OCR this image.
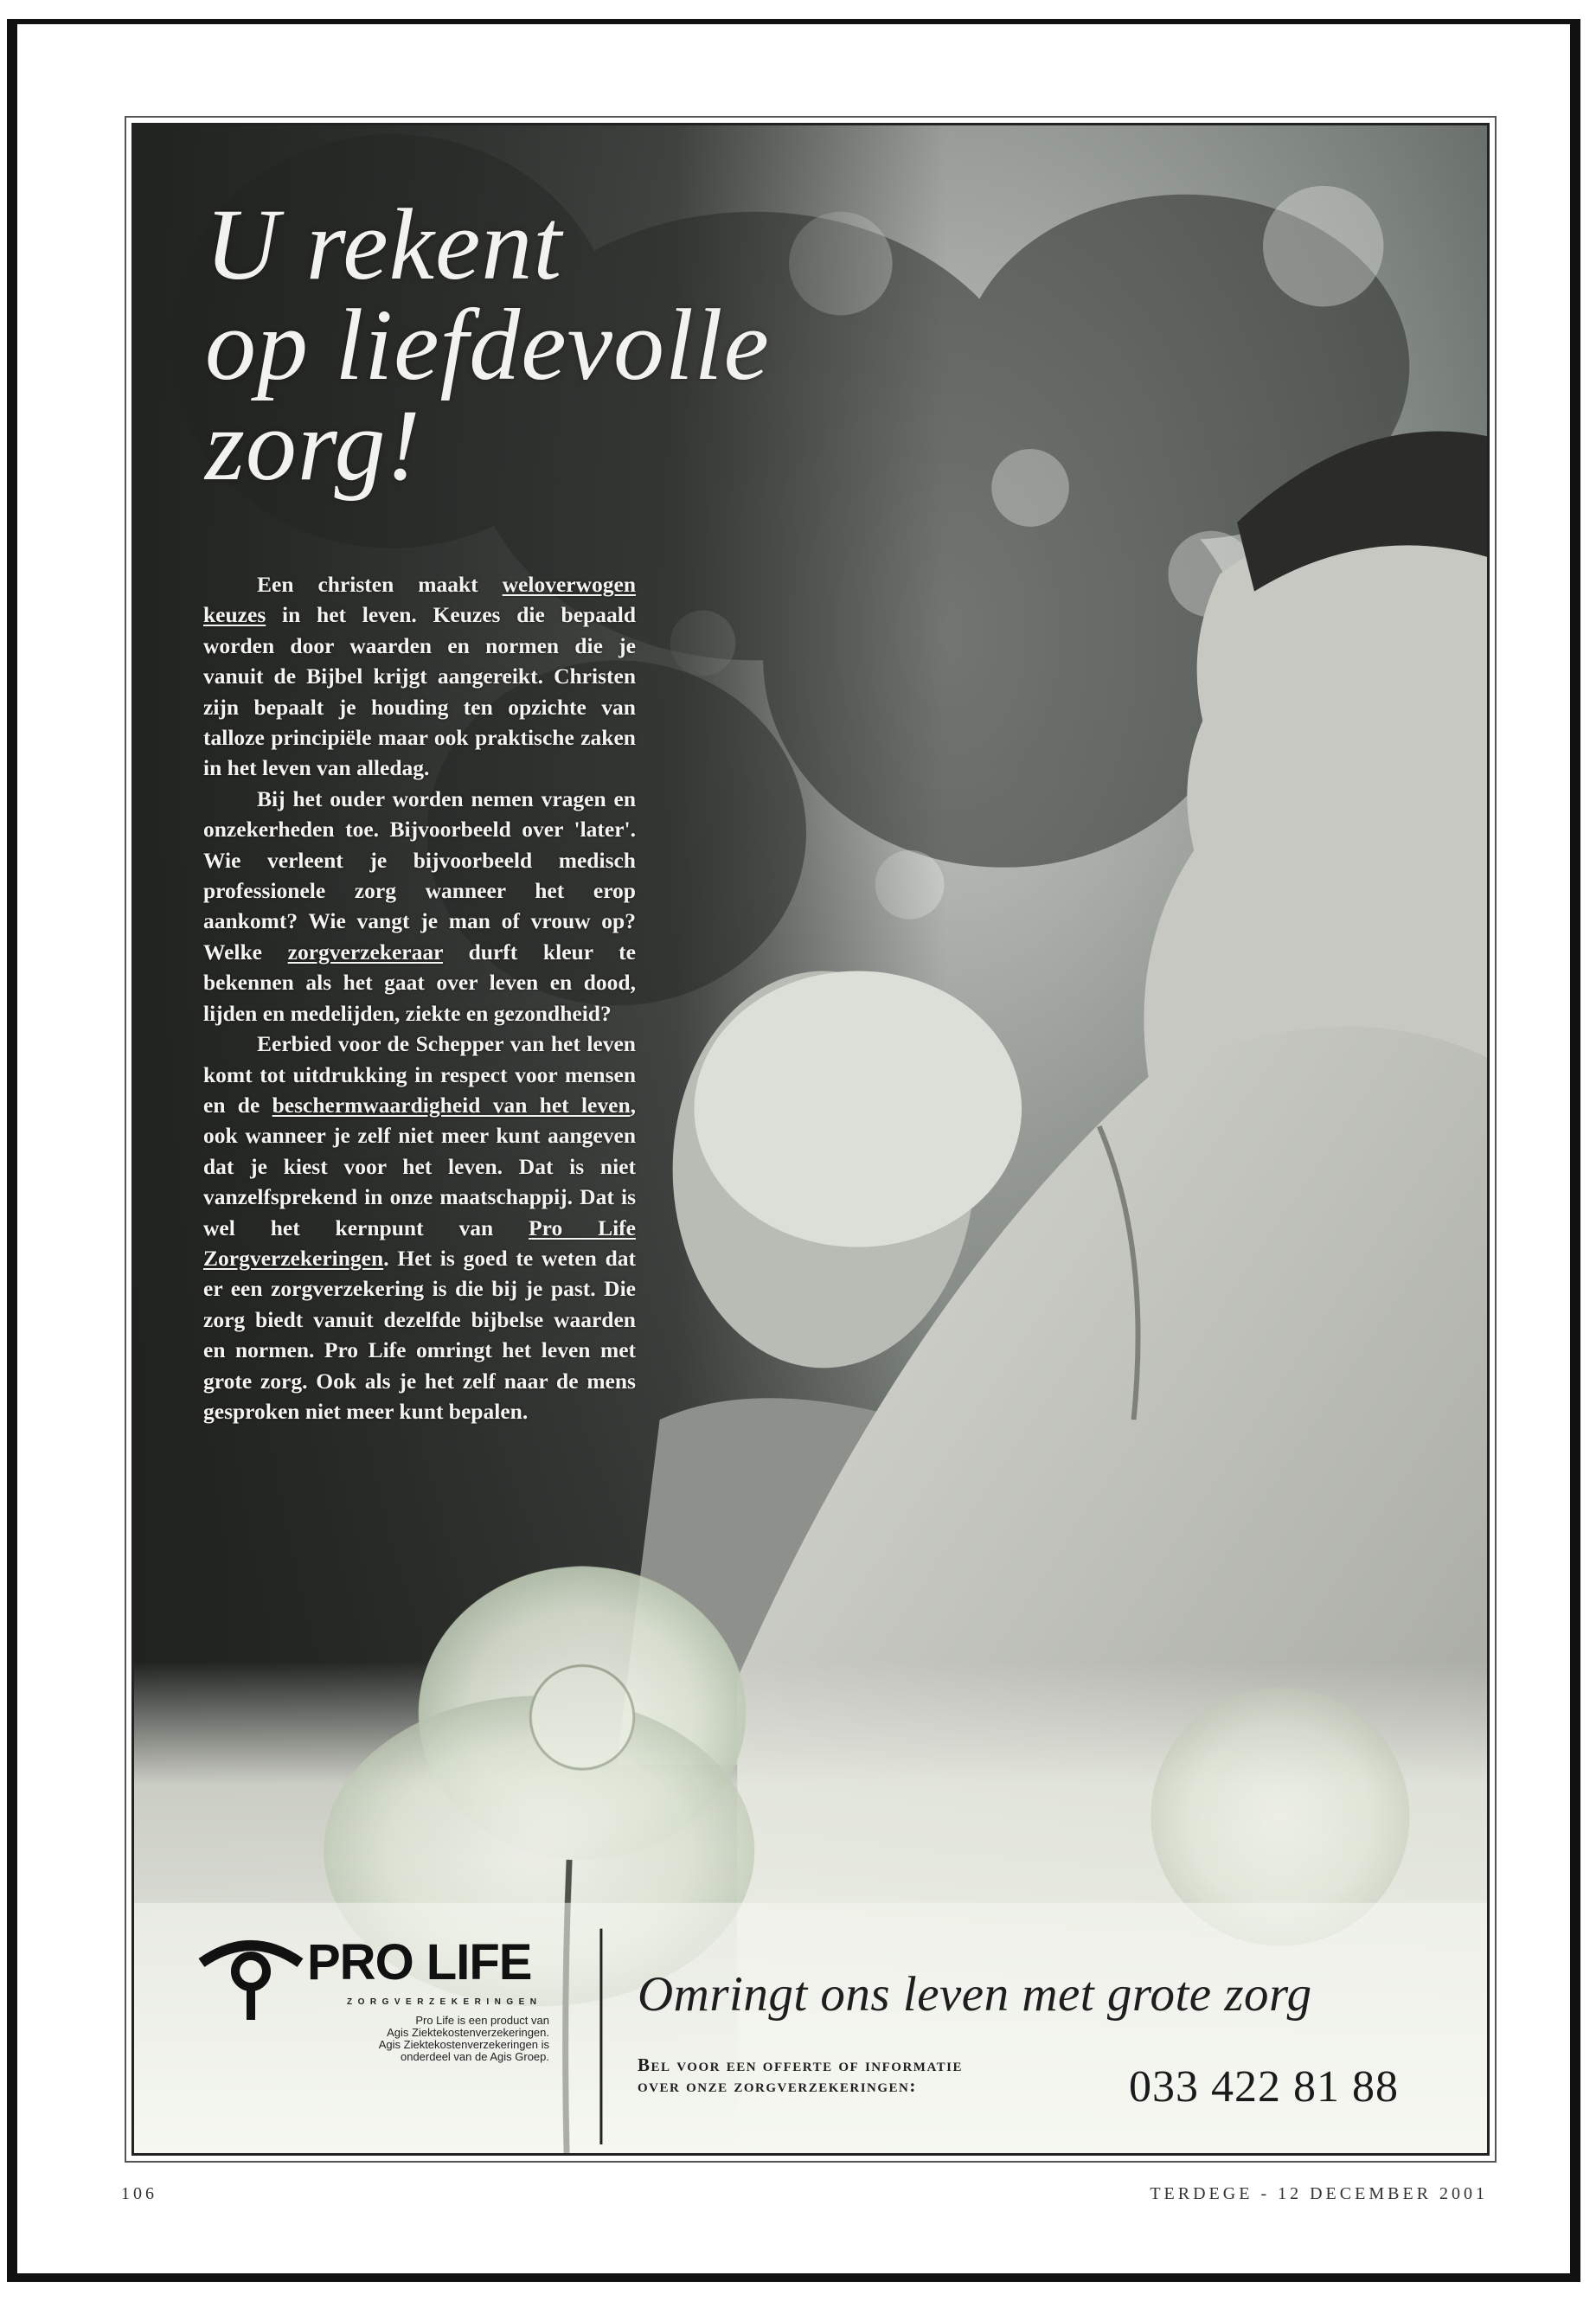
U rekent
op liefdevolle
zorg!

Een christen maakt weloverwogen keuzes in het leven. Keuzes die bepaald worden door waarden en normen die je vanuit de Bijbel krijgt aangereikt. Christen zijn bepaalt je houding ten opzichte van talloze principiële maar ook praktische zaken in het leven van alledag.

Bij het ouder worden nemen vragen en onzekerheden toe. Bijvoorbeeld over 'later'. Wie verleent je bijvoorbeeld medisch professionele zorg wanneer het erop aankomt? Wie vangt je man of vrouw op? Welke zorgverzekeraar durft kleur te bekennen als het gaat over leven en dood, lijden en medelijden, ziekte en gezondheid?

Eerbied voor de Schepper van het leven komt tot uitdrukking in respect voor mensen en de beschermwaardigheid van het leven, ook wanneer je zelf niet meer kunt aangeven dat je kiest voor het leven. Dat is niet vanzelfsprekend in onze maatschappij. Dat is wel het kernpunt van Pro Life Zorgverzekeringen. Het is goed te weten dat er een zorgverzekering is die bij je past. Die zorg biedt vanuit dezelfde bijbelse waarden en normen. Pro Life omringt het leven met grote zorg. Ook als je het zelf naar de mens gesproken niet meer kunt bepalen.

PRO LIFE
ZORGVERZEKERINGEN
Pro Life is een product van
Agis Ziektekostenverzekeringen.
Agis Ziektekostenverzekeringen is
onderdeel van de Agis Groep.
Omringt ons leven met grote zorg
Bel voor een offerte of informatie
over onze zorgverzekeringen:	033 422 81 88
106	TERDEGE - 12 DECEMBER 2001
